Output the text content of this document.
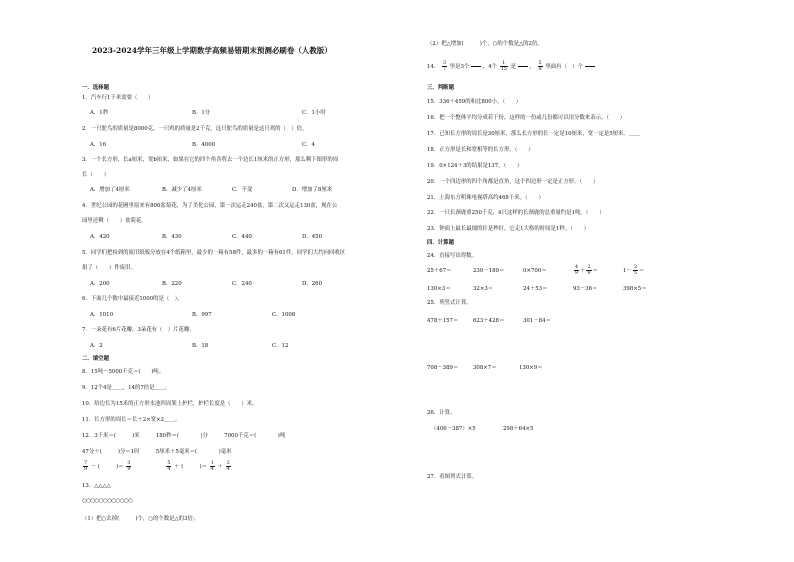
2023-2024学年三年级上学期数学高频易错期末预测必刷卷（人教版）
一．选择题
1．汽车行1千米需要（　　）
A．1秒	B．1分	C．1小时
2．一只鸵鸟的质量是8000克，一只鸡的质量是2千克，这只鸵鸟的质量是这只鸡的（　）倍。
A．16	B．4000	C．4
3．一个长方形，长a厘米，宽b厘米，如果在它的四个角各剪去一个边长1厘米的正方形，那么剩下图形的周
长（　　）
A．增加了4厘米	B．减少了4厘米	C．不变	D．增加了8厘米
4．世纪公园的花圃里原来有800盆菊花，为了美化公园，第一次运走240盆，第二次又运走130盆，现在公
园里还剩（　　）盆菊花。
A．420	B．430	C．440	D．450
5．同学们把捡到的废旧纸板分放在4个纸箱里，最少的一箱有58件，最多的一箱有61件，同学们大约向回收区
捐了（　　）件废旧。
A．200	B．220	C．240	D．260
6．下面几个数中最接近1000的是（　）。
A．1010	B．997	C．1008
7．一朵花有6片花瓣，3朵花有（　）片花瓣。
A．2	B．18	C．12
二．填空题
8．15吨－5000千克＝(　　)吨。
9．12个4是＿＿，14的7倍是＿＿。
10．给边长为15米的正方形水池四周架上护栏，护栏长度是（　　）米。
11．长方形的周长＝长＋2×宽×2＿＿。
12．3千米＝(　　　)米　　　180秒＝(　　　　)分　　　7000千克＝(　　　　)吨
47分＋(　　　)分＝1时　　　5厘米＋5毫米＝(　　　　)毫米
$\frac{7}{9}$ － (　　　)＝ $\frac{3}{9}$
　	$\frac{5}{4}$ ＋ (　　　)＝ $\frac{1}{4} + \frac{3}{4}$
13．△△△△
○○○○○○○○○○○○
（1）把○去掉(　　　)个，○的个数是△的3倍；
（2）把△增加(　　　)个，○的个数是△的2倍。
14． $\frac{3}{7}$ 里是3个

，4个 $\frac{1}{15}$ 是

， $\frac{5}{8}$ 里面有（　）个

三．判断题
15．336＋459的和比800小。（　　）
16．把一个整体平均分成若干份，这样的一份或几份都可以用分数来表示。（　　）
17．已知长方形的周长是30厘米，那么长方形的长一定是10厘米，宽一定是5厘米。＿＿
18．正方形是长和宽相等的长方形。（　　）
19．0×124＋3的结果是137。（　　）
20．一个四边形的四个角都是直角，这个四边形一定是正方形。（　　）
21．上海东方明珠电视塔高约468千米。（　　）
22．一只长颈鹿重250千克，4只这样的长颈鹿的总重量约是1吨。（　　）
23．钟面上最长最细的针是秒针，它走1大格的时间是1秒。（　　）
四．计算题
24．直接写出得数。
25＋67＝	230－180＝	0×700＝	$\frac{4}{9} + \frac{2}{9}$ ＝	$1- \frac{3}{5}$ ＝
130×3＝	32×3＝	24＋53＝	93－36＝	398×5＝
25．列竖式计算。
478＋157＝	623＋428＝	301－84＝
708－389＝	308×7＝	130×9＝
26．计算。
（406－387）×5	298＋64×5
27．看图列式计算。
